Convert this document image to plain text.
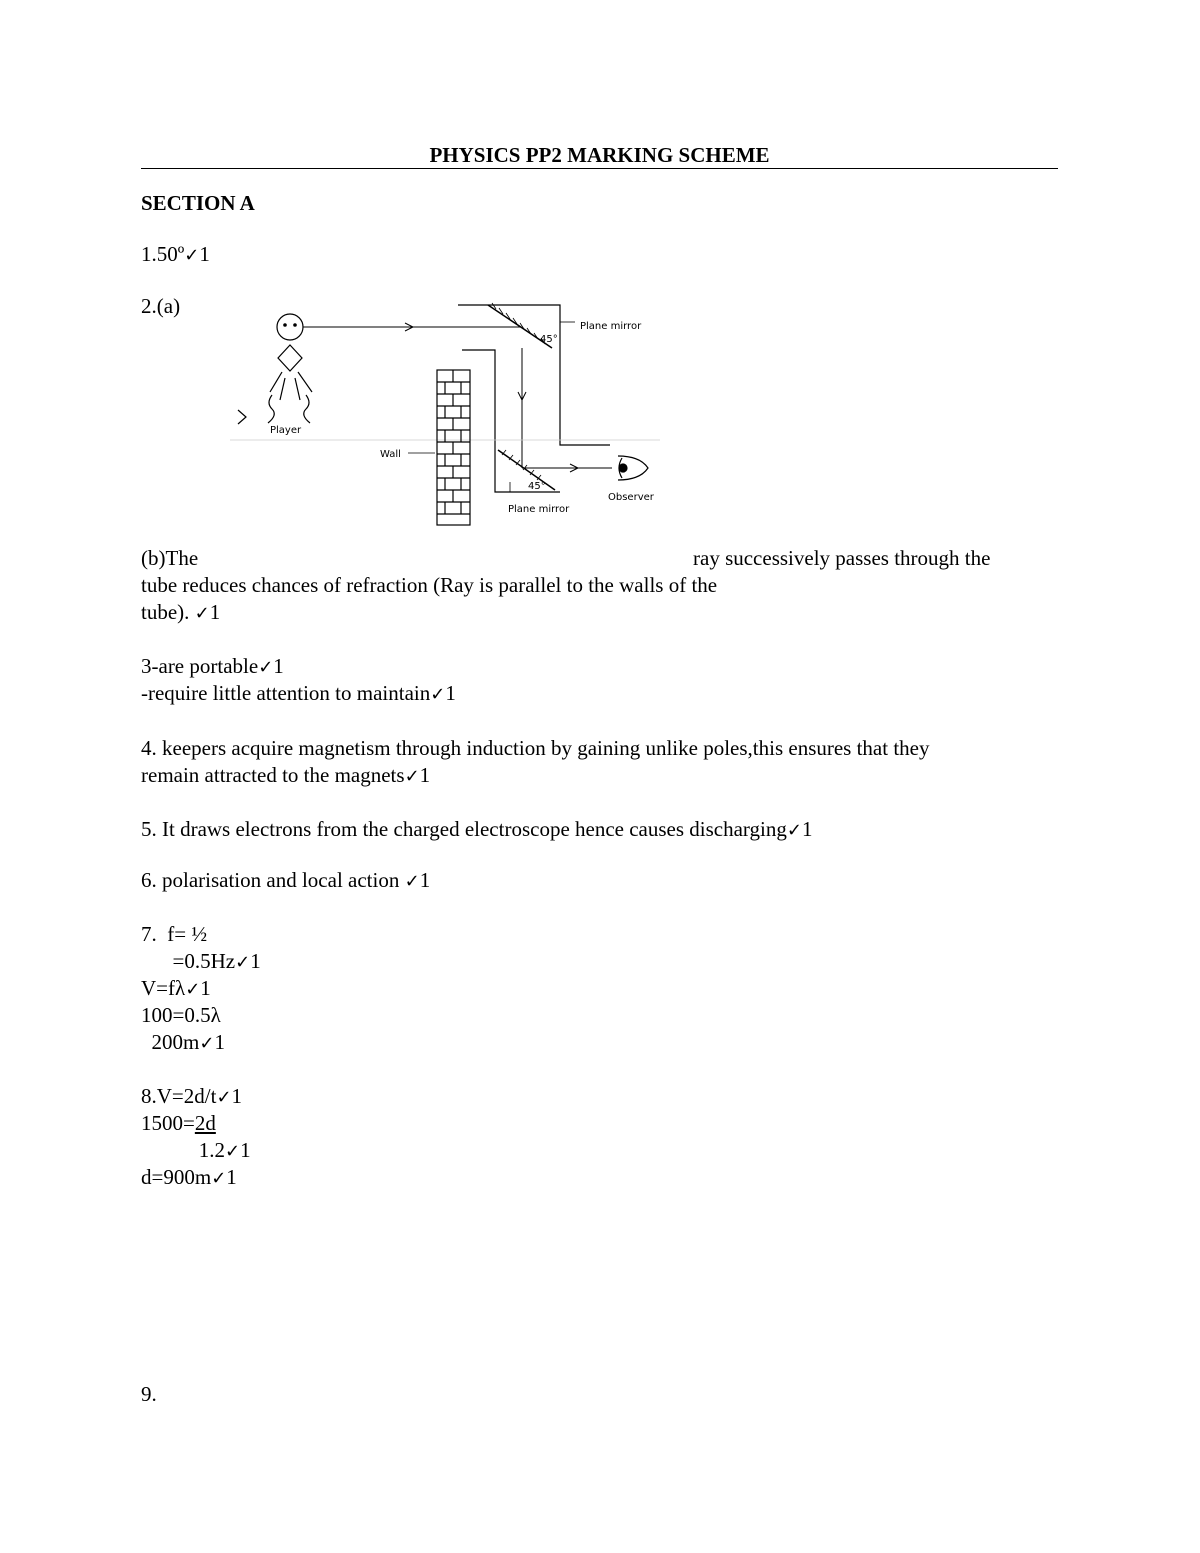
PHYSICS PP2 MARKING SCHEME
SECTION A
1.50º✓1
2.(a)
Player
45°
Plane mirror
Wall
45°
Plane mirror
Observer
(b)The	ray successively passes through the
tube reduces chances of refraction (Ray is parallel to the walls of the
tube). ✓1
3-are portable✓1
-require little attention to maintain✓1
4. keepers acquire magnetism through induction by gaining unlike poles,this ensures that they
remain attracted to the magnets✓1
5. It draws electrons from the charged electroscope hence causes discharging✓1
6. polarisation and local action ✓1
7.  f= ½
=0.5Hz✓1
V=fλ✓1
100=0.5λ
200m✓1
8.V=2d/t✓1
1500=2d
1.2✓1
d=900m✓1
9.
